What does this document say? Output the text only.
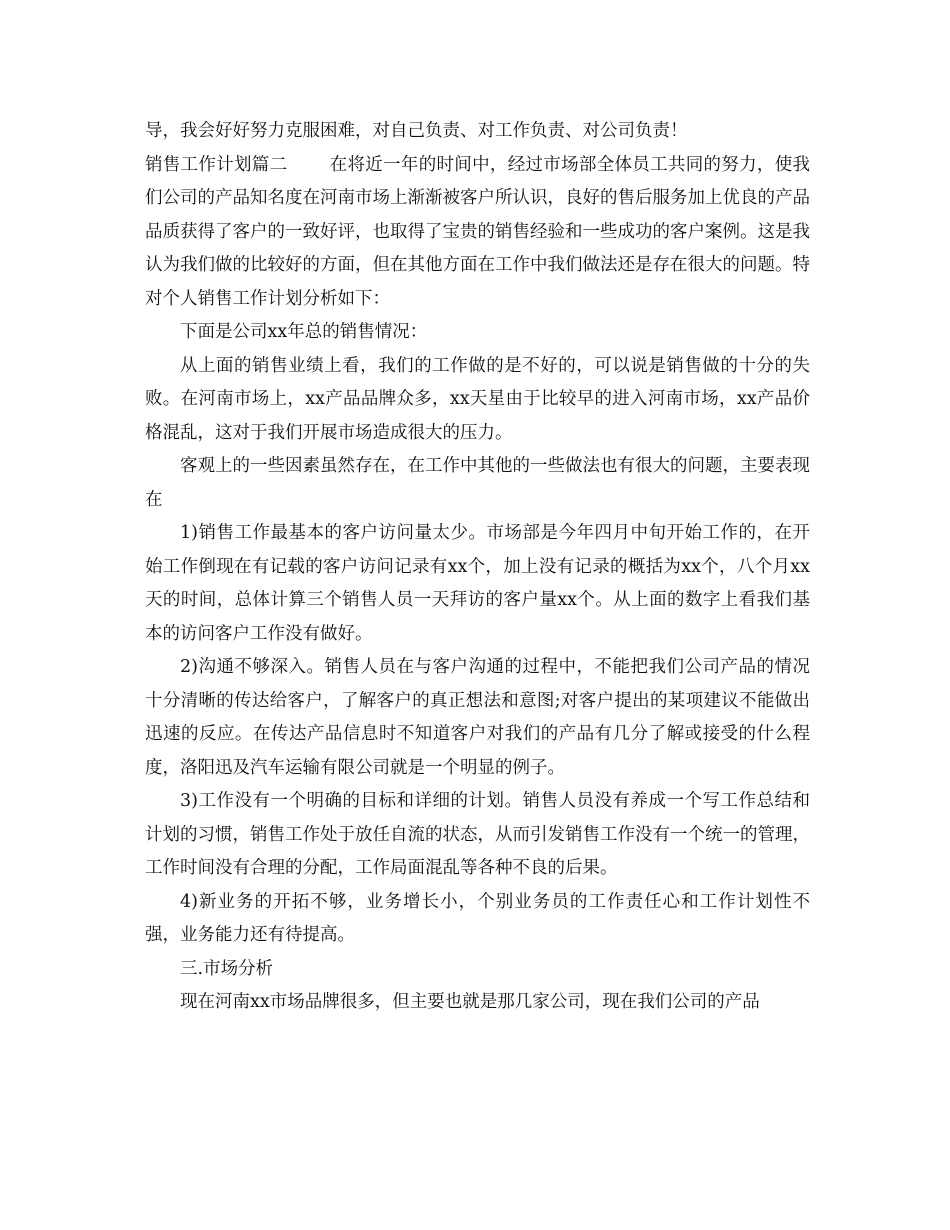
导，我会好好努力克服困难，对自己负责、对工作负责、对公司负责！

销售工作计划篇二 在将近一年的时间中，经过市场部全体员工共同的努力，使我们公司的产品知名度在河南市场上渐渐被客户所认识，良好的售后服务加上优良的产品品质获得了客户的一致好评，也取得了宝贵的销售经验和一些成功的客户案例。这是我认为我们做的比较好的方面，但在其他方面在工作中我们做法还是存在很大的问题。特对个人销售工作计划分析如下：

下面是公司xx年总的销售情况：

从上面的销售业绩上看，我们的工作做的是不好的，可以说是销售做的十分的失败。在河南市场上，xx产品品牌众多，xx天星由于比较早的进入河南市场，xx产品价格混乱，这对于我们开展市场造成很大的压力。

客观上的一些因素虽然存在，在工作中其他的一些做法也有很大的问题，主要表现在

1)销售工作最基本的客户访问量太少。市场部是今年四月中旬开始工作的，在开始工作倒现在有记载的客户访问记录有xx个，加上没有记录的概括为xx个，八个月xx天的时间，总体计算三个销售人员一天拜访的客户量xx个。从上面的数字上看我们基本的访问客户工作没有做好。

2)沟通不够深入。销售人员在与客户沟通的过程中，不能把我们公司产品的情况十分清晰的传达给客户，了解客户的真正想法和意图;对客户提出的某项建议不能做出迅速的反应。在传达产品信息时不知道客户对我们的产品有几分了解或接受的什么程度，洛阳迅及汽车运输有限公司就是一个明显的例子。

3)工作没有一个明确的目标和详细的计划。销售人员没有养成一个写工作总结和计划的习惯，销售工作处于放任自流的状态，从而引发销售工作没有一个统一的管理，工作时间没有合理的分配，工作局面混乱等各种不良的后果。

4)新业务的开拓不够，业务增长小，个别业务员的工作责任心和工作计划性不强，业务能力还有待提高。

三.市场分析

现在河南xx市场品牌很多，但主要也就是那几家公司，现在我们公司的产品
